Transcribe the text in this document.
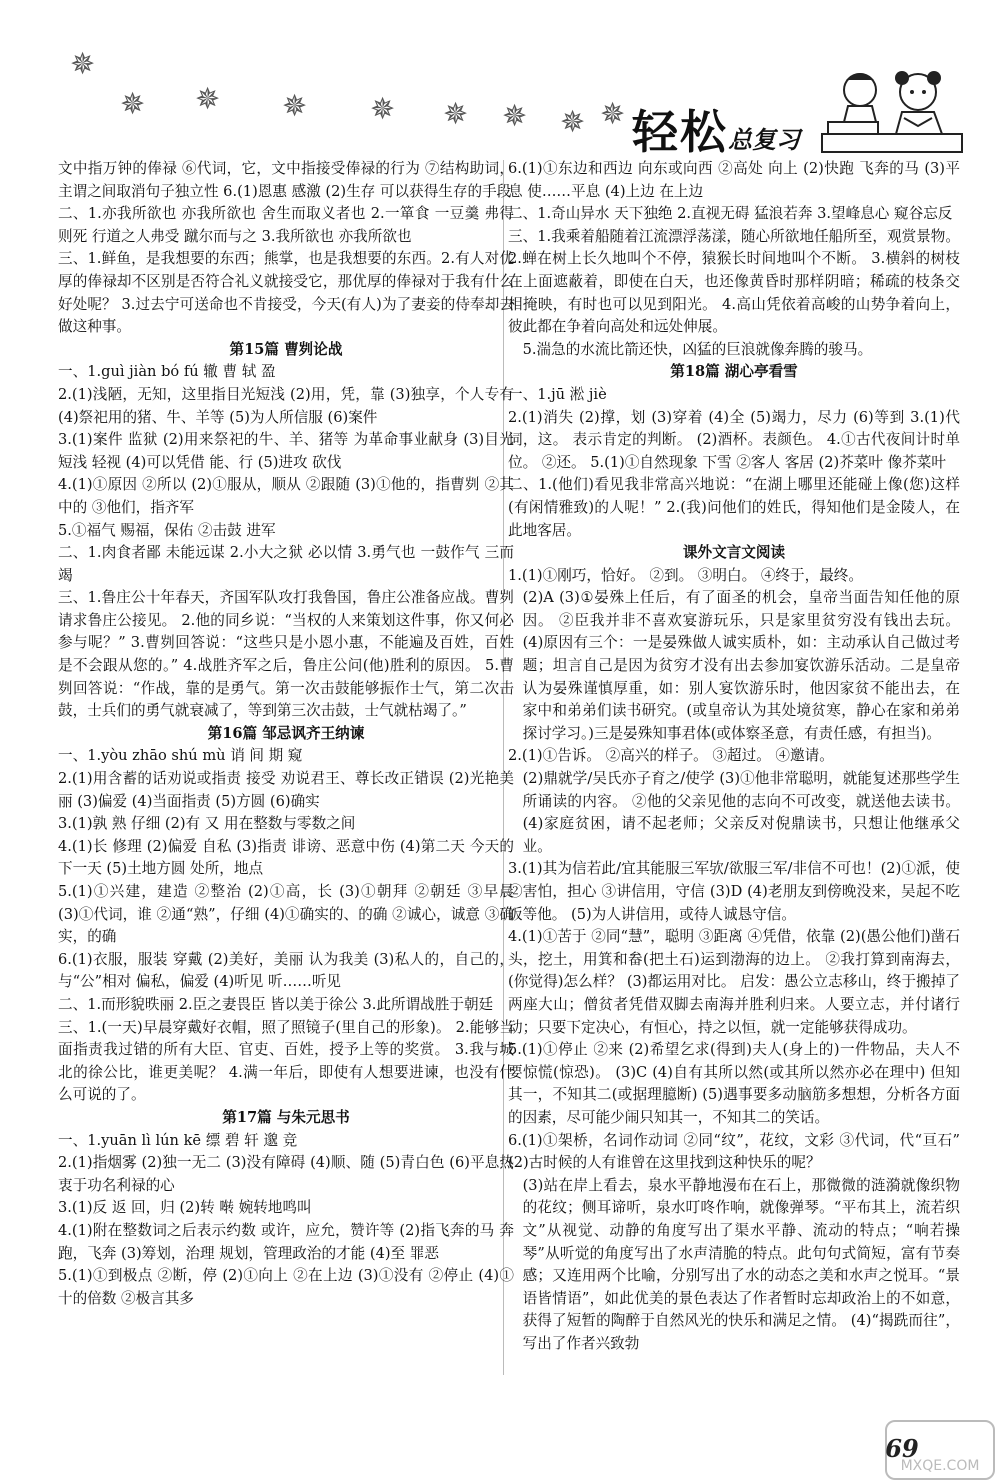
✵
✵ ✵ ✵ ✵ ✵ ✵ ✵ ✵ 轻松总复习

文中指万钟的俸禄 ⑥代词，它，文中指接受俸禄的行为 ⑦结构助词，主谓之间取消句子独立性 6.(1)恩惠 感激 (2)生存 可以获得生存的手段

二、1.亦我所欲也 亦我所欲也 舍生而取义者也 2.一箪食 一豆羹 弗得则死 行道之人弗受 蹴尔而与之 3.我所欲也 亦我所欲也

三、1.鲜鱼，是我想要的东西；熊掌，也是我想要的东西。2.有人对优厚的俸禄却不区别是否符合礼义就接受它，那优厚的俸禄对于我有什么好处呢？ 3.过去宁可送命也不肯接受，今天(有人)为了妻妾的侍奉却去做这种事。

第15篇 曹刿论战

一、1.guì jiàn bó fú 辙 曹 轼 盈

2.(1)浅陋，无知，这里指目光短浅 (2)用，凭，靠 (3)独享，个人专有 (4)祭祀用的猪、牛、羊等 (5)为人所信服 (6)案件

3.(1)案件 监狱 (2)用来祭祀的牛、羊、猪等 为革命事业献身 (3)目光短浅 轻视 (4)可以凭借 能、行 (5)进攻 砍伐

4.(1)①原因 ②所以 (2)①服从，顺从 ②跟随 (3)①他的，指曹刿 ②其中的 ③他们，指齐军

5.①福气 赐福，保佑 ②击鼓 进军

二、1.肉食者鄙 未能远谋 2.小大之狱 必以情 3.勇气也 一鼓作气 三而竭

三、1.鲁庄公十年春天，齐国军队攻打我鲁国，鲁庄公准备应战。曹刿请求鲁庄公接见。 2.他的同乡说：“当权的人来策划这件事，你又何必参与呢？” 3.曹刿回答说：“这些只是小恩小惠，不能遍及百姓，百姓是不会跟从您的。” 4.战胜齐军之后，鲁庄公问(他)胜利的原因。 5.曹刿回答说：“作战，靠的是勇气。第一次击鼓能够振作士气，第二次击鼓，士兵们的勇气就衰减了，等到第三次击鼓，士气就枯竭了。”

第16篇 邹忌讽齐王纳谏

一、1.yòu zhāo shú mù 诮 间 期 窥

2.(1)用含蓄的话劝说或指责 接受 劝说君王、尊长改正错误 (2)光艳美丽 (3)偏爱 (4)当面指责 (5)方圆 (6)确实

3.(1)孰 熟 仔细 (2)有 又 用在整数与零数之间

4.(1)长 修理 (2)偏爱 自私 (3)指责 诽谤、恶意中伤 (4)第二天 今天的下一天 (5)土地方圆 处所，地点

5.(1)①兴建，建造 ②整治 (2)①高，长 (3)①朝拜 ②朝廷 ③早晨 (3)①代词，谁 ②通“熟”，仔细 (4)①确实的、的确 ②诚心，诚意 ③确实，的确

6.(1)衣服，服装 穿戴 (2)美好，美丽 认为我美 (3)私人的，自己的，与“公”相对 偏私，偏爱 (4)听见 听……听见

二、1.而形貌昳丽 2.臣之妻畏臣 皆以美于徐公 3.此所谓战胜于朝廷

三、1.(一天)早晨穿戴好衣帽，照了照镜子(里自己的形象)。 2.能够当面指责我过错的所有大臣、官吏、百姓，授予上等的奖赏。 3.我与城北的徐公比，谁更美呢？ 4.满一年后，即使有人想要进谏，也没有什么可说的了。

第17篇 与朱元思书

一、1.yuān lì lún kē 缥 碧 轩 邈 竞

2.(1)指烟雾 (2)独一无二 (3)没有障碍 (4)顺、随 (5)青白色 (6)平息热衷于功名利禄的心

3.(1)反 返 回，归 (2)转 啭 婉转地鸣叫

4.(1)附在整数词之后表示约数 或许，应允，赞许等 (2)指飞奔的马 奔跑，飞奔 (3)筹划，治理 规划，管理政治的才能 (4)至 罪恶

5.(1)①到极点 ②断，停 (2)①向上 ②在上边 (3)①没有 ②停止 (4)①十的倍数 ②极言其多

6.(1)①东边和西边 向东或向西 ②高处 向上 (2)快跑 飞奔的马 (3)平息 使……平息 (4)上边 在上边

二、1.奇山异水 天下独绝 2.直视无碍 猛浪若奔 3.望峰息心 窥谷忘反

三、1.我乘着船随着江流漂浮荡漾，随心所欲地任船所至，观赏景物。 2.蝉在树上长久地叫个不停，猿猴长时间地叫个不断。 3.横斜的树枝在上面遮蔽着，即使在白天，也还像黄昏时那样阴暗；稀疏的枝条交相掩映，有时也可以见到阳光。 4.高山凭依着高峻的山势争着向上，彼此都在争着向高处和远处伸展。

5.湍急的水流比箭还快，凶猛的巨浪就像奔腾的骏马。

第18篇 湖心亭看雪

一、1.jū 淞 jiè

2.(1)消失 (2)撑，划 (3)穿着 (4)全 (5)竭力，尽力 (6)等到 3.(1)代词，这。 表示肯定的判断。 (2)酒杯。表颜色。 4.①古代夜间计时单位。 ②还。 5.(1)①自然现象 下雪 ②客人 客居 (2)芥菜叶 像芥菜叶

二、1.(他们)看见我非常高兴地说：“在湖上哪里还能碰上像(您)这样(有闲情雅致)的人呢！” 2.(我)问他们的姓氏，得知他们是金陵人，在此地客居。

课外文言文阅读

1.(1)①刚巧，恰好。 ②到。 ③明白。 ④终于，最终。

(2)A (3)①晏殊上任后，有了面圣的机会，皇帝当面告知任他的原因。 ②臣我并非不喜欢宴游玩乐，只是家里贫穷没有钱出去玩。 (4)原因有三个：一是晏殊做人诚实质朴，如：主动承认自己做过考题；坦言自己是因为贫穷才没有出去参加宴饮游乐活动。二是皇帝认为晏殊谨慎厚重，如：别人宴饮游乐时，他因家贫不能出去，在家中和弟弟们读书研究。(或皇帝认为其处境贫寒，静心在家和弟弟探讨学习。)三是晏殊知事君体(或体察圣意，有责任感，有担当)。

2.(1)①告诉。 ②高兴的样子。 ③超过。 ④邀请。

(2)鼎就学/吴氏亦子育之/使学 (3)①他非常聪明，就能复述那些学生所诵读的内容。 ②他的父亲见他的志向不可改变，就送他去读书。 (4)家庭贫困，请不起老师；父亲反对倪鼎读书，只想让他继承父业。

3.(1)其为信若此/宜其能服三军欤/欲服三军/非信不可也！(2)①派，使 ②害怕，担心 ③讲信用，守信 (3)D (4)老朋友到傍晚没来，吴起不吃饭等他。 (5)为人讲信用，或待人诚恳守信。

4.(1)①苦于 ②同“慧”，聪明 ③距离 ④凭借，依靠 (2)(愚公他们)凿石头，挖土，用箕和畚(把土石)运到渤海的边上。 ②我打算到南海去，(你觉得)怎么样？ (3)都运用对比。 启发：愚公立志移山，终于搬掉了两座大山；僧贫者凭借双脚去南海并胜利归来。人要立志，并付诸行动；只要下定决心，有恒心，持之以恒，就一定能够获得成功。

5.(1)①停止 ②来 (2)希望乞求(得到)夫人(身上的)一件物品，夫人不要惊慌(惊恐)。 (3)C (4)自有其所以然(或其所以然亦必在理中) 但知其一，不知其二(或据理臆断) (5)遇事要多动脑筋多想想，分析各方面的因素，尽可能少闹只知其一，不知其二的笑话。

6.(1)①架桥，名词作动词 ②同“纹”，花纹，文彩 ③代词，代“亘石” (2)古时候的人有谁曾在这里找到这种快乐的呢？

(3)站在岸上看去，泉水平静地漫布在石上，那微微的涟漪就像织物的花纹；侧耳谛听，泉水叮咚作响，就像弹琴。“平布其上，流若织文”从视觉、动静的角度写出了渠水平静、流动的特点；“响若操琴”从听觉的角度写出了水声清脆的特点。此句句式简短，富有节奏感；又连用两个比喻，分别写出了水的动态之美和水声之悦耳。“景语皆情语”，如此优美的景色表达了作者暂时忘却政治上的不如意，获得了短暂的陶醉于自然风光的快乐和满足之情。 (4)“揭跣而往”，写出了作者兴致勃

MXQE.COM
69
